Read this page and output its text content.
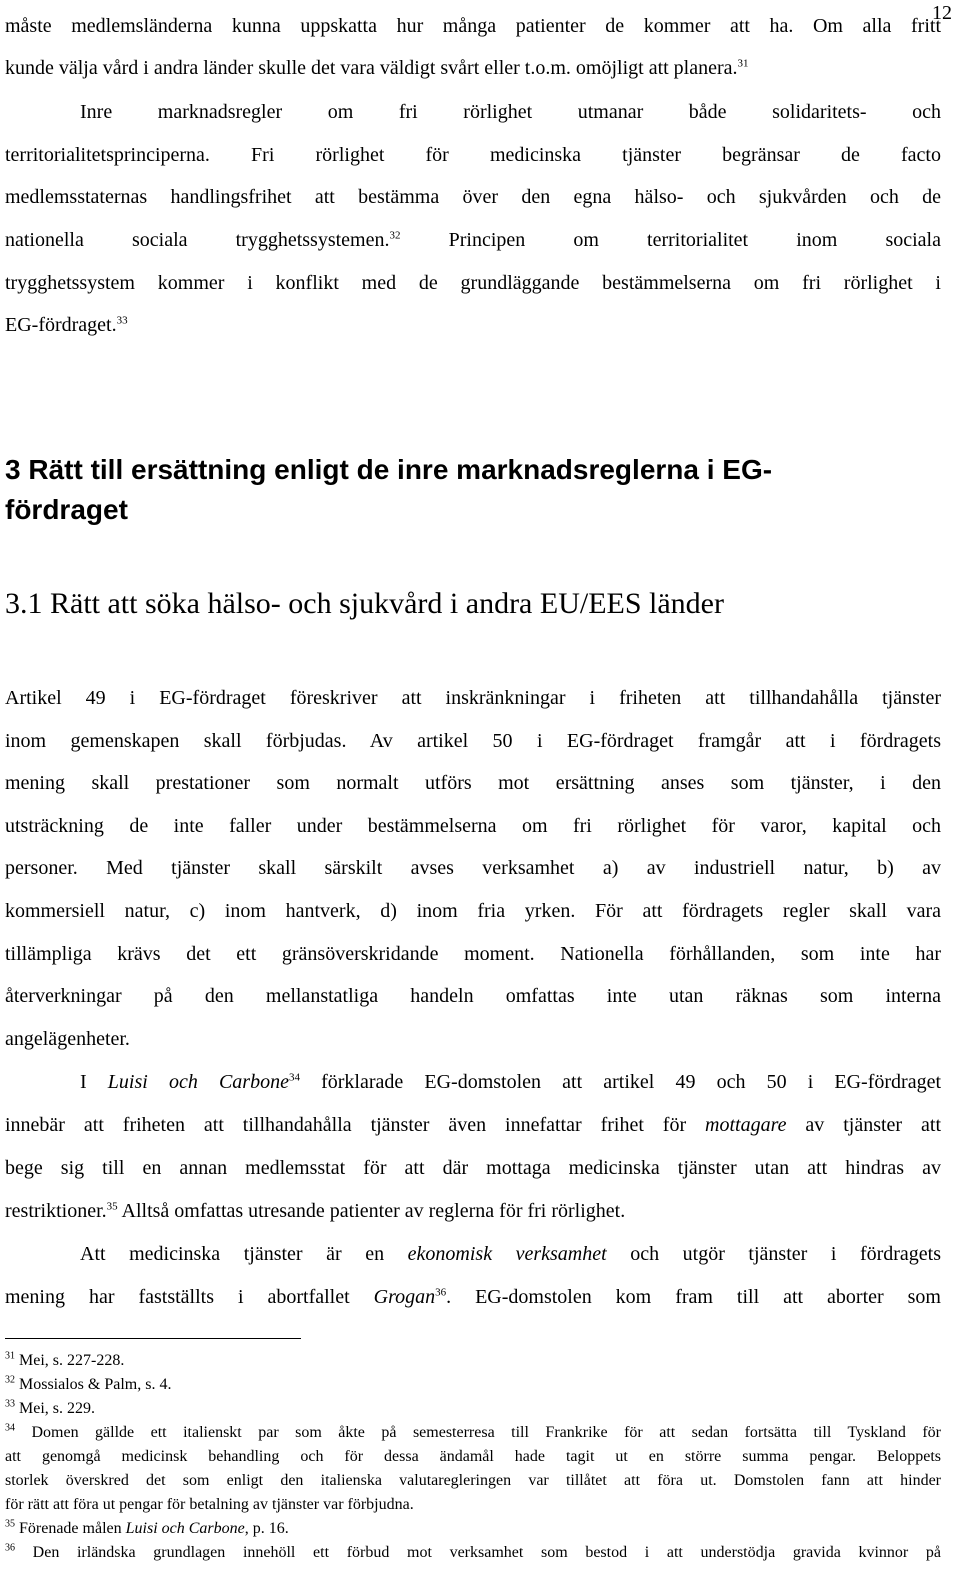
12
måste medlemsländerna kunna uppskatta hur många patienter de kommer att ha. Om alla fritt
kunde välja vård i andra länder skulle det vara väldigt svårt eller t.o.m. omöjligt att planera.$^{31}$
Inre marknadsregler om fri rörlighet utmanar både solidaritets- och
territorialitetsprinciperna. Fri rörlighet för medicinska tjänster begränsar de facto
medlemsstaternas handlingsfrihet att bestämma över den egna hälso- och sjukvården och de
nationella sociala trygghetssystemen.$^{32}$ Principen om territorialitet inom sociala
trygghetssystem kommer i konflikt med de grundläggande bestämmelserna om fri rörlighet i
EG-fördraget.$^{33}$
3 Rätt till ersättning enligt de inre marknadsreglerna i EG-
fördraget
3.1 Rätt att söka hälso- och sjukvård i andra EU/EES länder
Artikel 49 i EG-fördraget föreskriver att inskränkningar i friheten att tillhandahålla tjänster
inom gemenskapen skall förbjudas. Av artikel 50 i EG-fördraget framgår att i fördragets
mening skall prestationer som normalt utförs mot ersättning anses som tjänster, i den
utsträckning de inte faller under bestämmelserna om fri rörlighet för varor, kapital och
personer. Med tjänster skall särskilt avses verksamhet a) av industriell natur, b) av
kommersiell natur, c) inom hantverk, d) inom fria yrken. För att fördragets regler skall vara
tillämpliga krävs det ett gränsöverskridande moment. Nationella förhållanden, som inte har
återverkningar på den mellanstatliga handeln omfattas inte utan räknas som interna
angelägenheter.
I Luisi och Carbone$^{34}$ förklarade EG-domstolen att artikel 49 och 50 i EG-fördraget
innebär att friheten att tillhandahålla tjänster även innefattar frihet för mottagare av tjänster att
bege sig till en annan medlemsstat för att där mottaga medicinska tjänster utan att hindras av
restriktioner.$^{35}$ Alltså omfattas utresande patienter av reglerna för fri rörlighet.
Att medicinska tjänster är en ekonomisk verksamhet och utgör tjänster i fördragets
mening har fastställts i abortfallet Grogan$^{36}$. EG-domstolen kom fram till att aborter som
$^{31}$ Mei, s. 227-228.
$^{32}$ Mossialos & Palm, s. 4.
$^{33}$ Mei, s. 229.
$^{34}$ Domen gällde ett italienskt par som åkte på semesterresa till Frankrike för att sedan fortsätta till Tyskland för
att genomgå medicinsk behandling och för dessa ändamål hade tagit ut en större summa pengar. Beloppets
storlek överskred det som enligt den italienska valutaregleringen var tillåtet att föra ut. Domstolen fann att hinder
för rätt att föra ut pengar för betalning av tjänster var förbjudna.
$^{35}$ Förenade målen Luisi och Carbone, p. 16.
$^{36}$ Den irländska grundlagen innehöll ett förbud mot verksamhet som bestod i att understödja gravida kvinnor på
